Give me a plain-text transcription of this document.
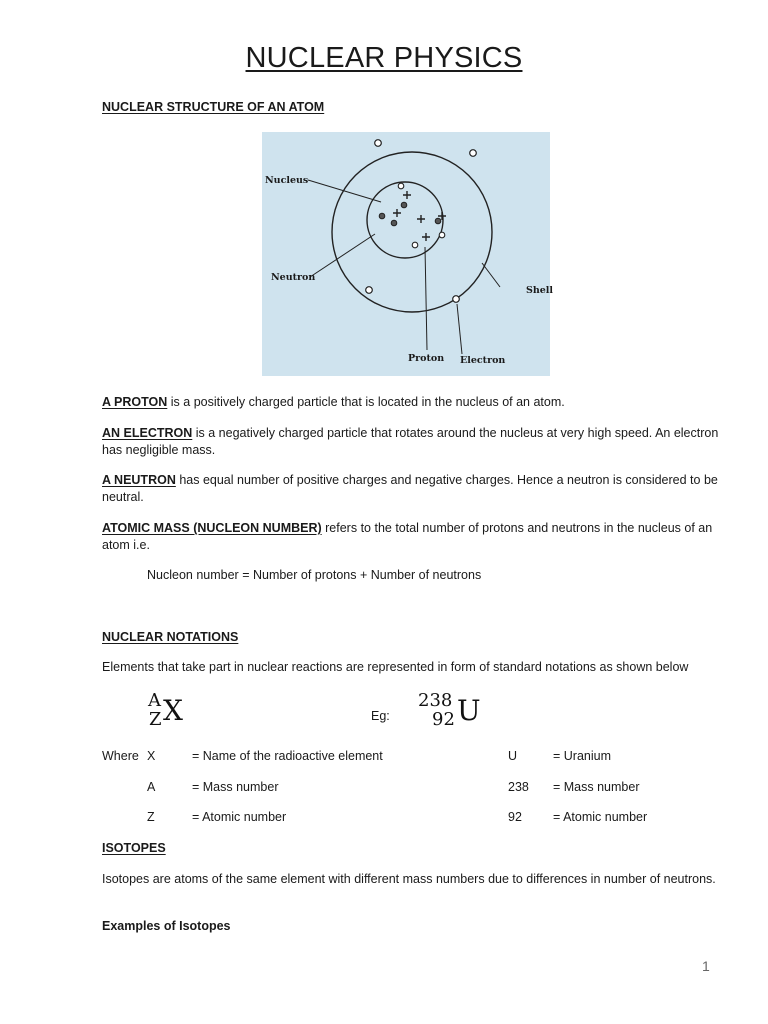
NUCLEAR PHYSICS
NUCLEAR STRUCTURE OF AN ATOM
Nucleus
Neutron
Shell
Proton Electron
A PROTON is a positively charged particle that is located in the nucleus of an atom.
AN ELECTRON is a negatively charged particle that rotates around the nucleus at very high speed. An electron has negligible mass.
A NEUTRON has equal number of positive charges and negative charges. Hence a neutron is considered to be neutral.
ATOMIC MASS (NUCLEON NUMBER) refers to the total number of protons and neutrons in the nucleus of an atom i.e.
Nucleon number = Number of protons + Number of neutrons
NUCLEAR NOTATIONS
Elements that take part in nuclear reactions are represented in form of standard notations as shown below
A
Z X	Eg:
238
92 U
Where X	= Name of the radioactive element	U	= Uranium
A	= Mass number	238 = Mass number
Z	= Atomic number	92 = Atomic number
ISOTOPES
Isotopes are atoms of the same element with different mass numbers due to differences in number of neutrons.
Examples of Isotopes
1
